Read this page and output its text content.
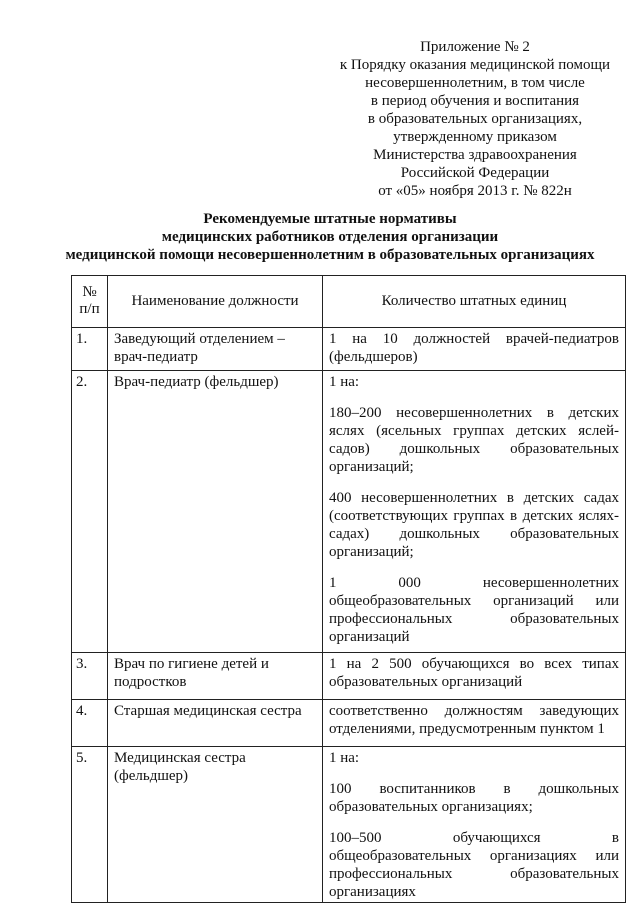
Приложение № 2
к Порядку оказания медицинской помощи
несовершеннолетним, в том числе
в период обучения и воспитания
в образовательных организациях,
утвержденному приказом
Министерства здравоохранения
Российской Федерации
от «05» ноября 2013 г. № 822н
Рекомендуемые штатные нормативы
медицинских работников отделения организации
медицинской помощи несовершеннолетним в образовательных организациях
№
п/п	Наименование должности	Количество штатных единиц
1.	Заведующий отделением – врач-педиатр	1 на 10 должностей врачей-педиатров (фельдшеров)

2.	Врач-педиатр (фельдшер)	1 на:

180–200 несовершеннолетних в детских яслях (ясельных группах детских яслей-садов) дошкольных образовательных организаций;

400 несовершеннолетних в детских садах (соответствующих группах в детских яслях-садах) дошкольных образовательных организаций;

1 000 несовершеннолетних общеобразовательных организаций или профессиональных образовательных организаций

3.	Врач по гигиене детей и подростков	1 на 2 500 обучающихся во всех типах образовательных организаций

4.	Старшая медицинская сестра	соответственно должностям заведующих отделениями, предусмотренным пунктом 1

5.	Медицинская сестра (фельдшер)	1 на:

100 воспитанников в дошкольных образовательных организациях;

100–500 обучающихся в общеобразовательных организациях или профессиональных образовательных организациях
